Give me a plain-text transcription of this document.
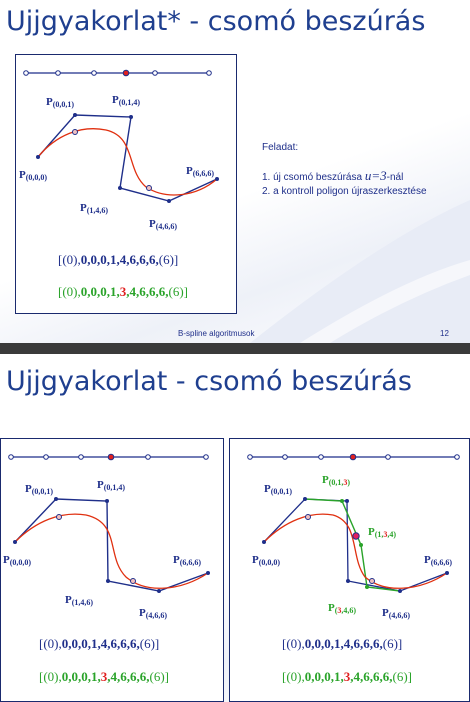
Ujjgyakorlat* - csomó beszúrás
P(0,0,0)
P(0,0,1)	P(0,1,4)
P(1,4,6)
P(4,6,6)
P(6,6,6)
[(0),0,0,0,1,4,6,6,6,(6)]
[(0),0,0,0,1,3,4,6,6,6,(6)]
Feladat:
1. új csomó beszúrása u=3-nál
2. a kontroll poligon újraszerkesztése
B-spline algoritmusok	12
Ujjgyakorlat - csomó beszúrás
P(0,0,0)
P(0,0,1)
P(0,1,4)
P(1,4,6)
P(4,6,6)
P(6,6,6)
[(0),0,0,0,1,4,6,6,6,(6)]
[(0),0,0,0,1,3,4,6,6,6,(6)]
P(0,0,0)
P(0,0,1)
P(0,1,3)
P(1,3,4)
P(3,4,6) P(4,6,6)
P(6,6,6)
[(0),0,0,0,1,4,6,6,6,(6)]
[(0),0,0,0,1,3,4,6,6,6,(6)]
